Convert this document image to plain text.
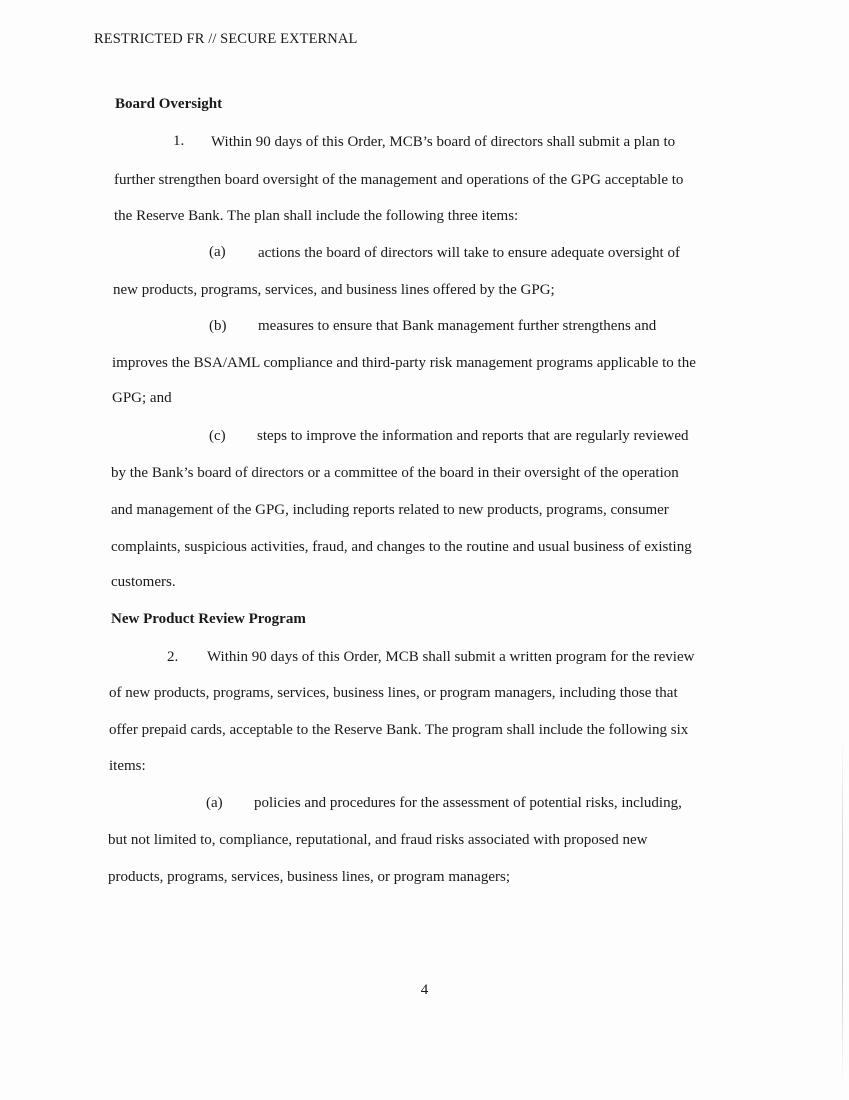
RESTRICTED FR // SECURE EXTERNAL
Board Oversight
1. Within 90 days of this Order, MCB’s board of directors shall submit a plan to
further strengthen board oversight of the management and operations of the GPG acceptable to
the Reserve Bank. The plan shall include the following three items:
(a) actions the board of directors will take to ensure adequate oversight of
new products, programs, services, and business lines offered by the GPG;
(b) measures to ensure that Bank management further strengthens and
improves the BSA/AML compliance and third-party risk management programs applicable to the
GPG; and
(c) steps to improve the information and reports that are regularly reviewed
by the Bank’s board of directors or a committee of the board in their oversight of the operation
and management of the GPG, including reports related to new products, programs, consumer
complaints, suspicious activities, fraud, and changes to the routine and usual business of existing
customers.
New Product Review Program
2. Within 90 days of this Order, MCB shall submit a written program for the review
of new products, programs, services, business lines, or program managers, including those that
offer prepaid cards, acceptable to the Reserve Bank. The program shall include the following six
items:
(a) policies and procedures for the assessment of potential risks, including,
but not limited to, compliance, reputational, and fraud risks associated with proposed new
products, programs, services, business lines, or program managers;
4
